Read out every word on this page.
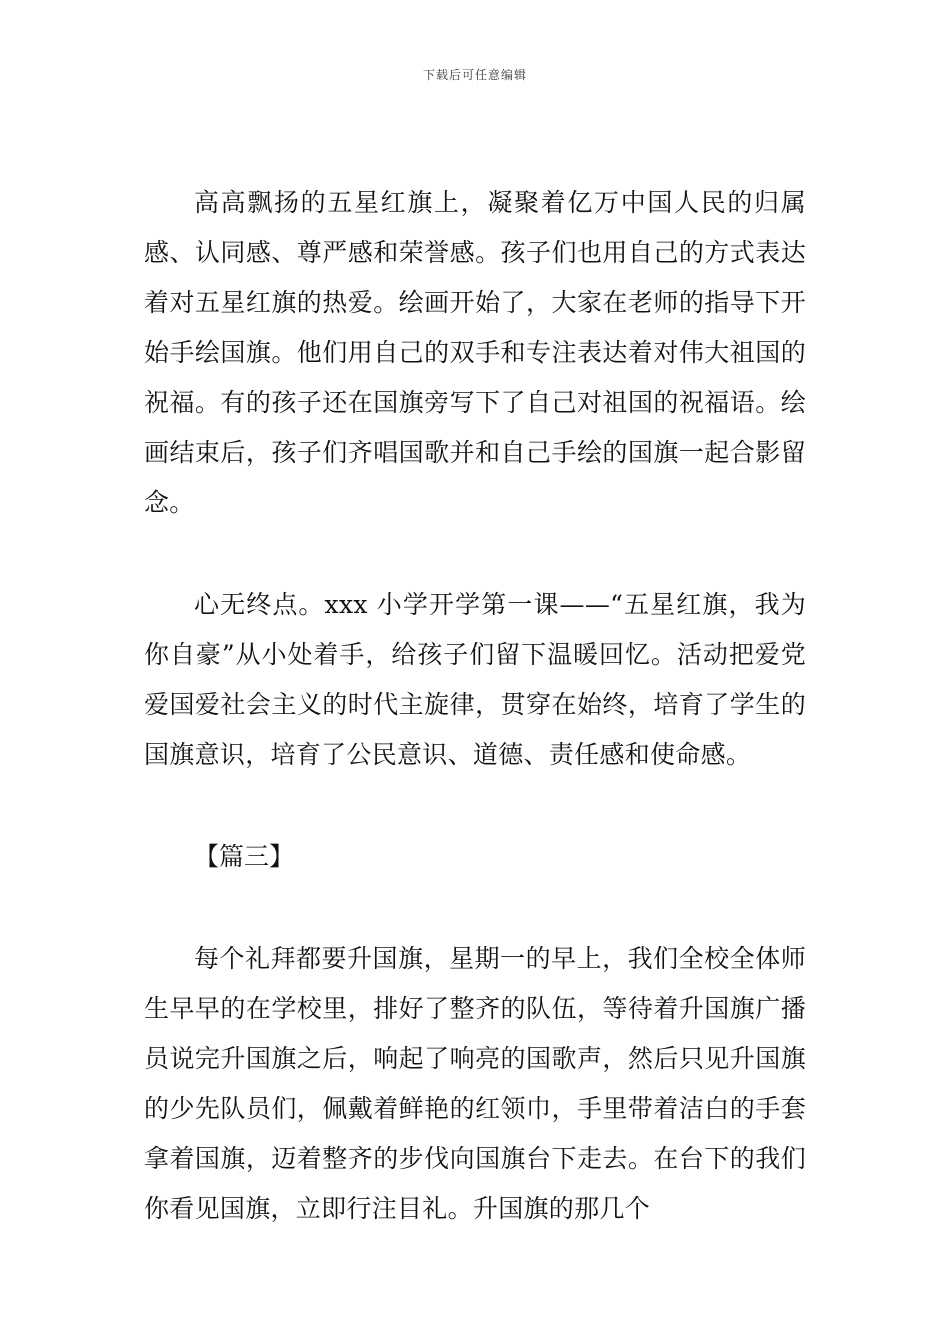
下载后可任意编辑

高高飘扬的五星红旗上，凝聚着亿万中国人民的归属感、认同感、尊严感和荣誉感。孩子们也用自己的方式表达着对五星红旗的热爱。绘画开始了，大家在老师的指导下开始手绘国旗。他们用自己的双手和专注表达着对伟大祖国的祝福。有的孩子还在国旗旁写下了自己对祖国的祝福语。绘画结束后，孩子们齐唱国歌并和自己手绘的国旗一起合影留念。

心无终点。xxx 小学开学第一课——“五星红旗，我为你自豪”从小处着手，给孩子们留下温暖回忆。活动把爱党爱国爱社会主义的时代主旋律，贯穿在始终，培育了学生的国旗意识，培育了公民意识、道德、责任感和使命感。

【篇三】

每个礼拜都要升国旗，星期一的早上，我们全校全体师生早早的在学校里，排好了整齐的队伍，等待着升国旗广播员说完升国旗之后，响起了响亮的国歌声，然后只见升国旗的少先队员们，佩戴着鲜艳的红领巾，手里带着洁白的手套拿着国旗，迈着整齐的步伐向国旗台下走去。在台下的我们你看见国旗，立即行注目礼。升国旗的那几个
